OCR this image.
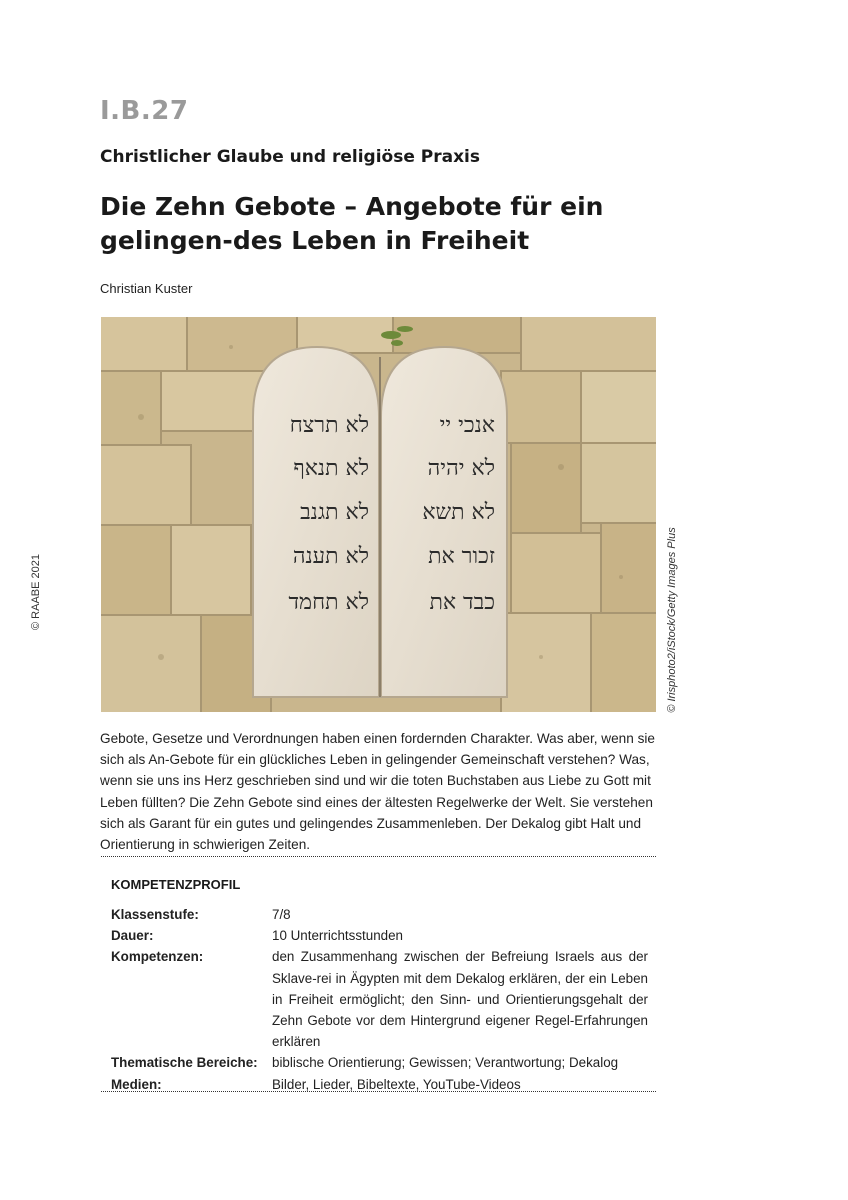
I.B.27
Christlicher Glaube und religiöse Praxis
Die Zehn Gebote – Angebote für ein gelingen-des Leben in Freiheit
Christian Kuster
© RAABE 2021
לא תרצח
לא תנאף
לא תגנב
לא תענה
לא תחמד
אנכי יי
לא יהיה
לא תשא
זכור את
כבד את	© Irisphoto2/iStock/Getty Images Plus
Gebote, Gesetze und Verordnungen haben einen fordernden Charakter. Was aber, wenn sie sich als An-Gebote für ein glückliches Leben in gelingender Gemeinschaft verstehen? Was, wenn sie uns ins Herz geschrieben sind und wir die toten Buchstaben aus Liebe zu Gott mit Leben füllten? Die Zehn Gebote sind eines der ältesten Regelwerke der Welt. Sie verstehen sich als Garant für ein gutes und gelingendes Zusammenleben. Der Dekalog gibt Halt und Orientierung in schwierigen Zeiten.
KOMPETENZPROFIL
Klassenstufe:	7/8
Dauer:	10 Unterrichtsstunden
Kompetenzen:	den Zusammenhang zwischen der Befreiung Israels aus der Sklave-rei in Ägypten mit dem Dekalog erklären, der ein Leben in Freiheit ermöglicht; den Sinn- und Orientierungsgehalt der Zehn Gebote vor dem Hintergrund eigener Regel-Erfahrungen erklären
Thematische Bereiche:	biblische Orientierung; Gewissen; Verantwortung; Dekalog
Medien:	Bilder, Lieder, Bibeltexte, YouTube-Videos
